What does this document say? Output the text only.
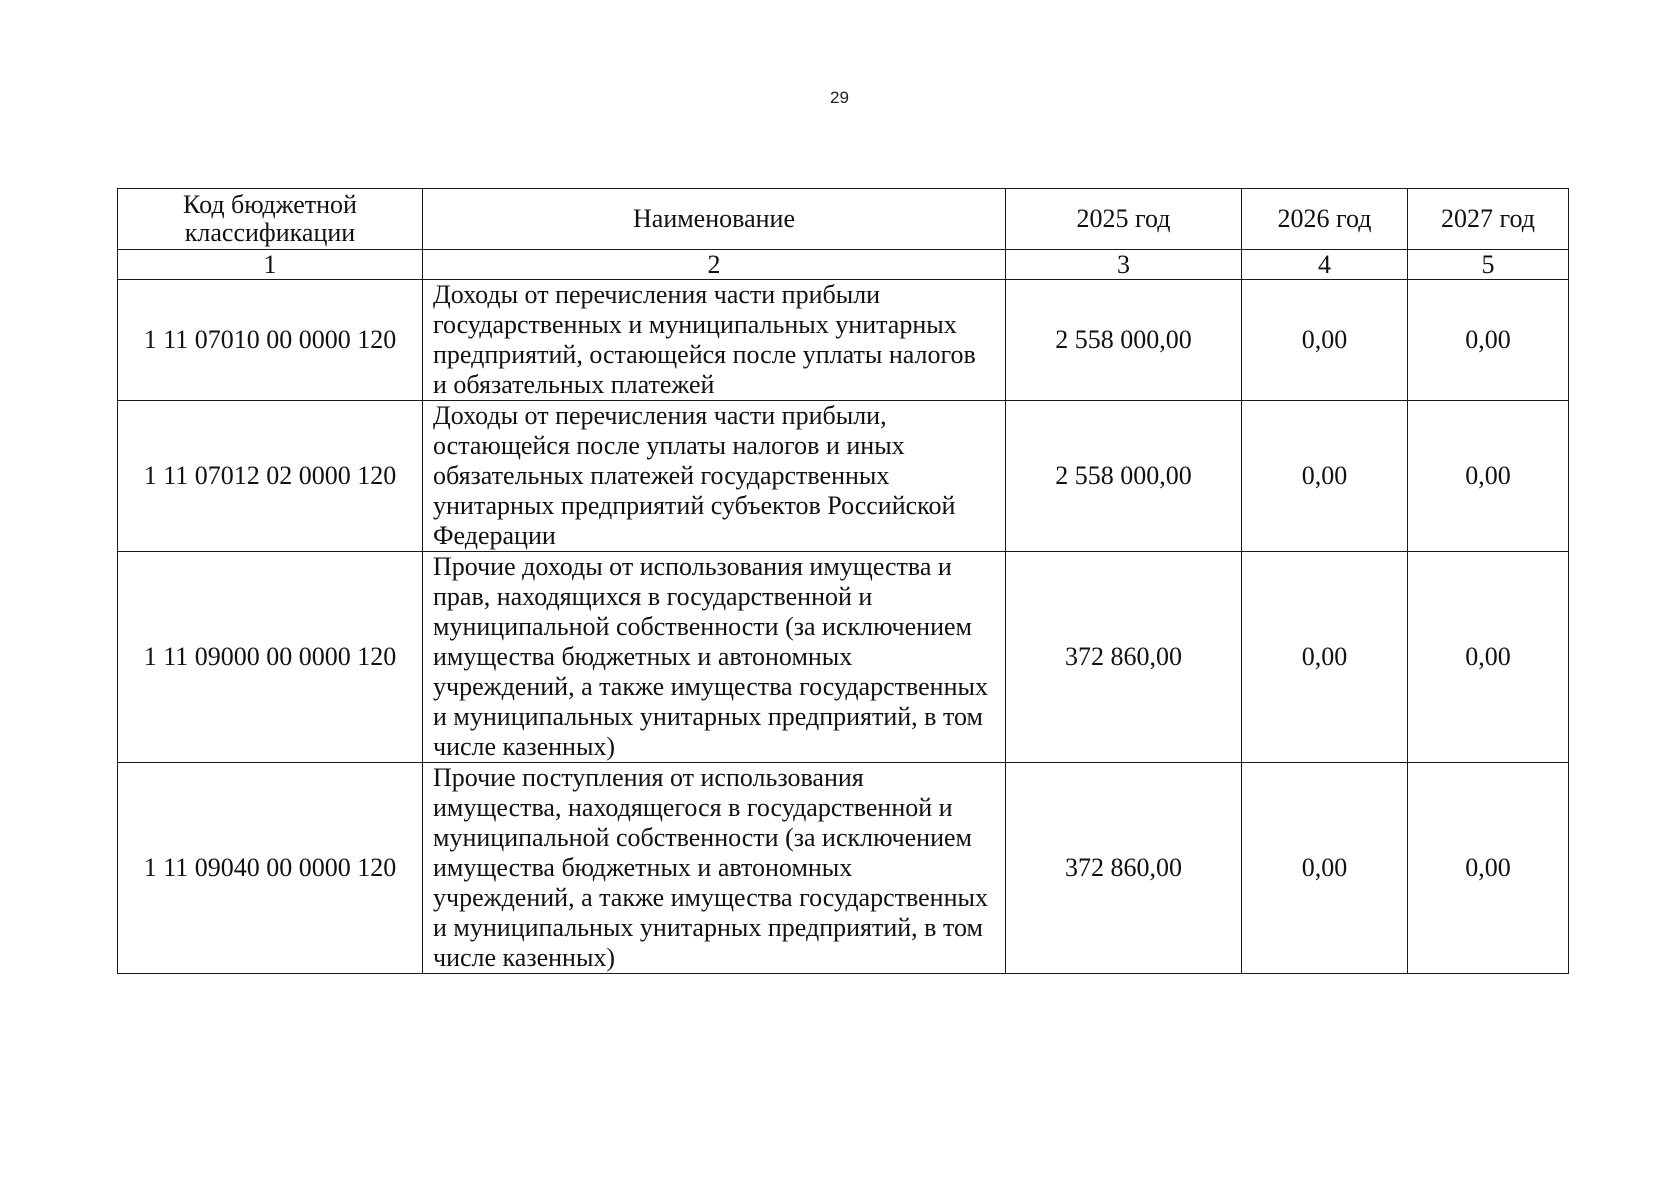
29
Код бюджетной классификации	Наименование	2025 год	2026 год	2027 год
1	2	3	4	5
1 11 07010 00 0000 120	Доходы от перечисления части прибыли государственных и муниципальных унитарных предприятий, остающейся после уплаты налогов и обязательных платежей	2 558 000,00	0,00	0,00
1 11 07012 02 0000 120	Доходы от перечисления части прибыли, остающейся после уплаты налогов и иных обязательных платежей государственных унитарных предприятий субъектов Российской Федерации	2 558 000,00	0,00	0,00
1 11 09000 00 0000 120	Прочие доходы от использования имущества и прав, находящихся в государственной и муниципальной собственности (за исключением имущества бюджетных и автономных учреждений, а также имущества государственных и муниципальных унитарных предприятий, в том числе казенных)	372 860,00	0,00	0,00
1 11 09040 00 0000 120	Прочие поступления от использования имущества, находящегося в государственной и муниципальной собственности (за исключением имущества бюджетных и автономных учреждений, а также имущества государственных и муниципальных унитарных предприятий, в том числе казенных)	372 860,00	0,00	0,00
